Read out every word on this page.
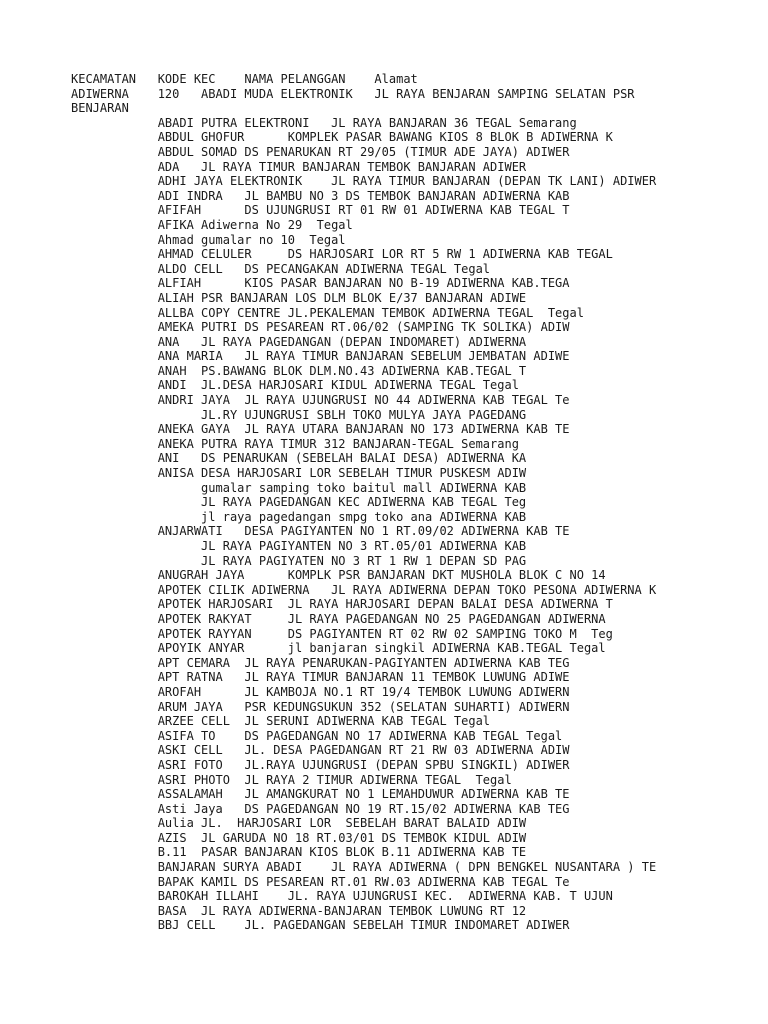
KECAMATAN   KODE KEC    NAMA PELANGGAN    Alamat
ADIWERNA    120   ABADI MUDA ELEKTRONIK   JL RAYA BENJARAN SAMPING SELATAN PSR
BENJARAN
ABADI PUTRA ELEKTRONI   JL RAYA BANJARAN 36 TEGAL Semarang
ABDUL GHOFUR      KOMPLEK PASAR BAWANG KIOS 8 BLOK B ADIWERNA K
ABDUL SOMAD DS PENARUKAN RT 29/05 (TIMUR ADE JAYA) ADIWER
ADA   JL RAYA TIMUR BANJARAN TEMBOK BANJARAN ADIWER
ADHI JAYA ELEKTRONIK    JL RAYA TIMUR BANJARAN (DEPAN TK LANI) ADIWER
ADI INDRA   JL BAMBU NO 3 DS TEMBOK BANJARAN ADIWERNA KAB
AFIFAH      DS UJUNGRUSI RT 01 RW 01 ADIWERNA KAB TEGAL T
AFIKA Adiwerna No 29  Tegal
Ahmad gumalar no 10  Tegal
AHMAD CELULER     DS HARJOSARI LOR RT 5 RW 1 ADIWERNA KAB TEGAL
ALDO CELL   DS PECANGAKAN ADIWERNA TEGAL Tegal
ALFIAH      KIOS PASAR BANJARAN NO B-19 ADIWERNA KAB.TEGA
ALIAH PSR BANJARAN LOS DLM BLOK E/37 BANJARAN ADIWE
ALLBA COPY CENTRE JL.PEKALEMAN TEMBOK ADIWERNA TEGAL  Tegal
AMEKA PUTRI DS PESAREAN RT.06/02 (SAMPING TK SOLIKA) ADIW
ANA   JL RAYA PAGEDANGAN (DEPAN INDOMARET) ADIWERNA
ANA MARIA   JL RAYA TIMUR BANJARAN SEBELUM JEMBATAN ADIWE
ANAH  PS.BAWANG BLOK DLM.NO.43 ADIWERNA KAB.TEGAL T
ANDI  JL.DESA HARJOSARI KIDUL ADIWERNA TEGAL Tegal
ANDRI JAYA  JL RAYA UJUNGRUSI NO 44 ADIWERNA KAB TEGAL Te
JL.RY UJUNGRUSI SBLH TOKO MULYA JAYA PAGEDANG
ANEKA GAYA  JL RAYA UTARA BANJARAN NO 173 ADIWERNA KAB TE
ANEKA PUTRA RAYA TIMUR 312 BANJARAN-TEGAL Semarang
ANI   DS PENARUKAN (SEBELAH BALAI DESA) ADIWERNA KA
ANISA DESA HARJOSARI LOR SEBELAH TIMUR PUSKESM ADIW
gumalar samping toko baitul mall ADIWERNA KAB
JL RAYA PAGEDANGAN KEC ADIWERNA KAB TEGAL Teg
jl raya pagedangan smpg toko ana ADIWERNA KAB
ANJARWATI   DESA PAGIYANTEN NO 1 RT.09/02 ADIWERNA KAB TE
JL RAYA PAGIYANTEN NO 3 RT.05/01 ADIWERNA KAB
JL RAYA PAGIYATEN NO 3 RT 1 RW 1 DEPAN SD PAG
ANUGRAH JAYA      KOMPLK PSR BANJARAN DKT MUSHOLA BLOK C NO 14
APOTEK CILIK ADIWERNA   JL RAYA ADIWERNA DEPAN TOKO PESONA ADIWERNA K
APOTEK HARJOSARI  JL RAYA HARJOSARI DEPAN BALAI DESA ADIWERNA T
APOTEK RAKYAT     JL RAYA PAGEDANGAN NO 25 PAGEDANGAN ADIWERNA
APOTEK RAYYAN     DS PAGIYANTEN RT 02 RW 02 SAMPING TOKO M  Teg
APOYIK ANYAR      jl banjaran singkil ADIWERNA KAB.TEGAL Tegal
APT CEMARA  JL RAYA PENARUKAN-PAGIYANTEN ADIWERNA KAB TEG
APT RATNA   JL RAYA TIMUR BANJARAN 11 TEMBOK LUWUNG ADIWE
AROFAH      JL KAMBOJA NO.1 RT 19/4 TEMBOK LUWUNG ADIWERN
ARUM JAYA   PSR KEDUNGSUKUN 352 (SELATAN SUHARTI) ADIWERN
ARZEE CELL  JL SERUNI ADIWERNA KAB TEGAL Tegal
ASIFA TO    DS PAGEDANGAN NO 17 ADIWERNA KAB TEGAL Tegal
ASKI CELL   JL. DESA PAGEDANGAN RT 21 RW 03 ADIWERNA ADIW
ASRI FOTO   JL.RAYA UJUNGRUSI (DEPAN SPBU SINGKIL) ADIWER
ASRI PHOTO  JL RAYA 2 TIMUR ADIWERNA TEGAL  Tegal
ASSALAMAH   JL AMANGKURAT NO 1 LEMAHDUWUR ADIWERNA KAB TE
Asti Jaya   DS PAGEDANGAN NO 19 RT.15/02 ADIWERNA KAB TEG
Aulia JL.  HARJOSARI LOR  SEBELAH BARAT BALAID ADIW
AZIS  JL GARUDA NO 18 RT.03/01 DS TEMBOK KIDUL ADIW
B.11  PASAR BANJARAN KIOS BLOK B.11 ADIWERNA KAB TE
BANJARAN SURYA ABADI    JL RAYA ADIWERNA ( DPN BENGKEL NUSANTARA ) TE
BAPAK KAMIL DS PESAREAN RT.01 RW.03 ADIWERNA KAB TEGAL Te
BAROKAH ILLAHI    JL. RAYA UJUNGRUSI KEC.  ADIWERNA KAB. T UJUN
BASA  JL RAYA ADIWERNA-BANJARAN TEMBOK LUWUNG RT 12
BBJ CELL    JL. PAGEDANGAN SEBELAH TIMUR INDOMARET ADIWER
